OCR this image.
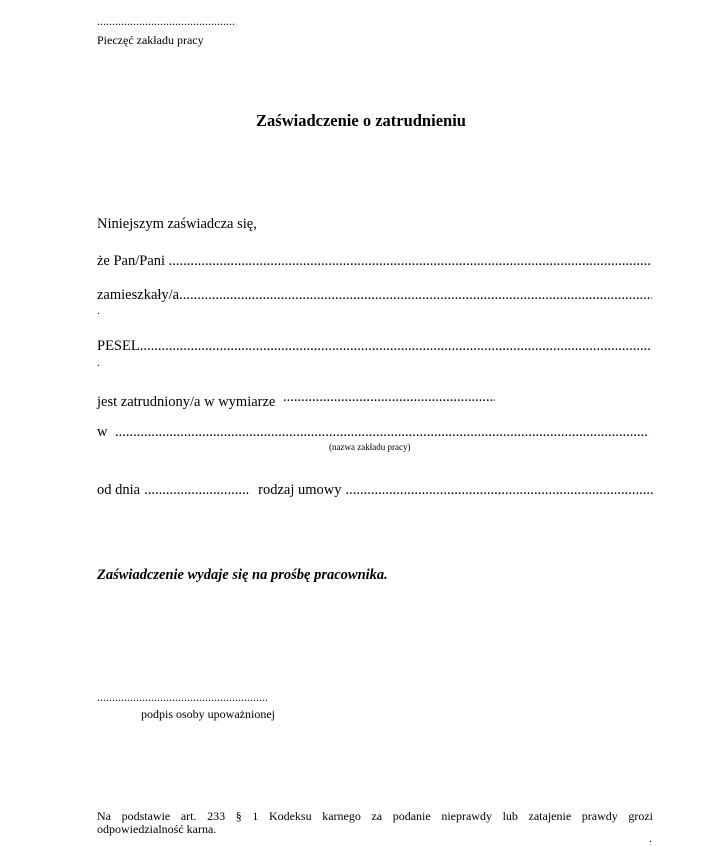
..............................................
Pieczęć zakładu pracy
Zaświadczenie o zatrudnieniu
Niniejszym zaświadcza się,
że Pan/Pani .........
.....
zamieszkały/a
.....
.
PESEL
.....
.
jest zatrudniony/a w wymiarze .....
w
.....
(nazwa zakładu pracy)
od dnia
.....	rodzaj umowy
.....
Zaświadczenie wydaje się na prośbę pracownika.
.........................................................
podpis osoby upoważnionej
Na podstawie art. 233 § 1 Kodeksu karnego za podanie nieprawdy lub zatajenie prawdy grozi
odpowiedzialność karna.
.
